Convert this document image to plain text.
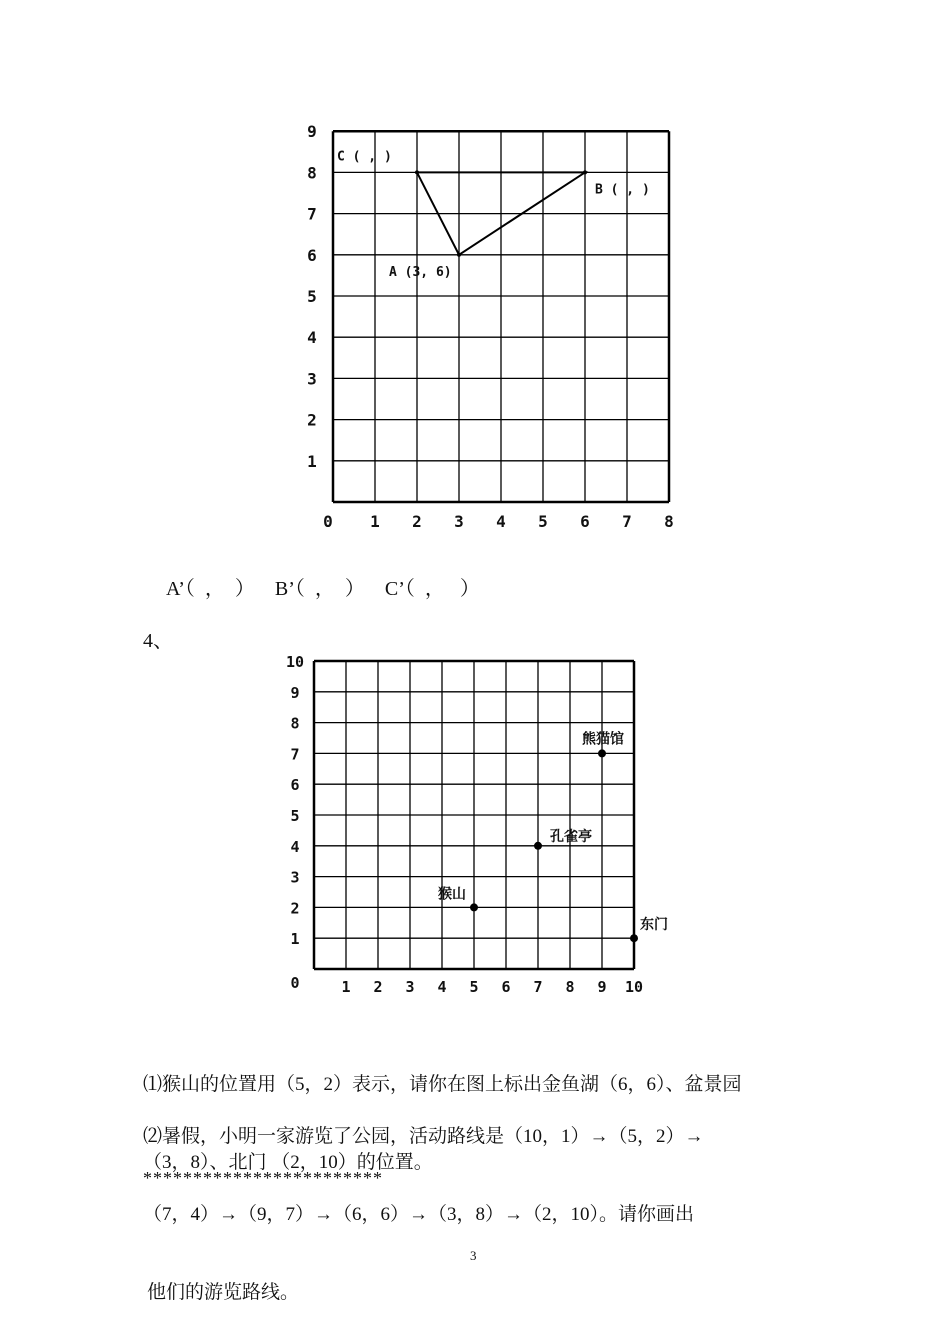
0 1 2 3 4 5 6 7 8
1
2
3
4
5
6
7
8
9
C ( , )
B ( , )
A (3, 6)
A’（  ，  ）    B’（  ，  ）    C’（  ，   ）
4、
0	1 2 3 4 5 6 7 8 9 10
1
2
3
4
5
6
7
8
9
10
熊猫馆
孔雀亭
猴山
东门

⑴猴山的位置用（5，2）表示，请你在图上标出金鱼湖（6，6）、盆景园

（3，8）、北门 （2，10）的位置。

⑵暑假，小明一家游览了公园，活动路线是（10，1）→（5，2）→

（7，4）→（9，7）→（6，6）→（3，8）→（2，10）。请你画出

他们的游览路线。

************************
3
